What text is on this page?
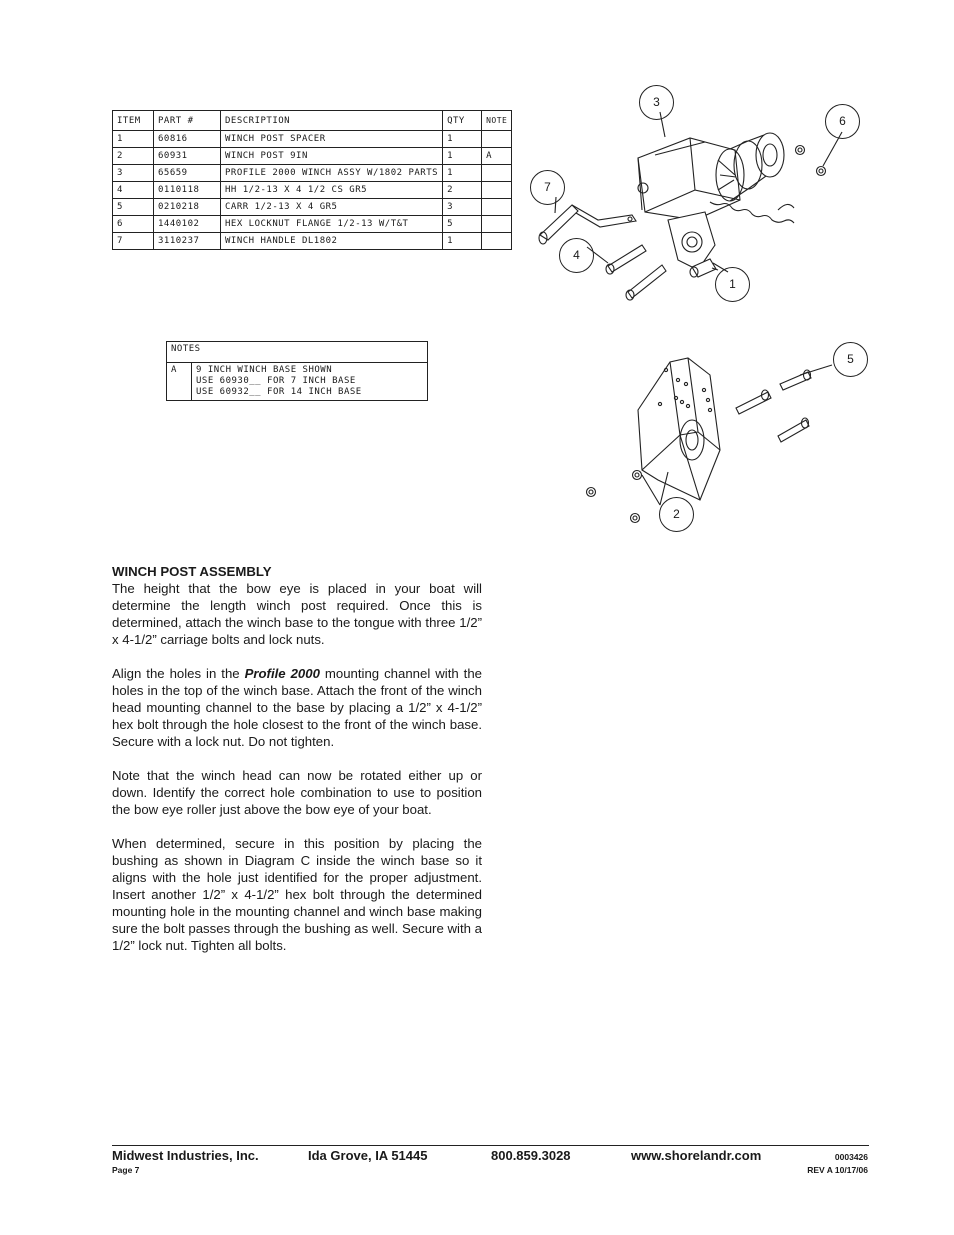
ITEM	PART #	DESCRIPTION	QTY	NOTE
1	60816	WINCH POST SPACER	1	
2	60931	WINCH POST 9IN	1	A
3	65659	PROFILE 2000 WINCH ASSY W/1802 PARTS	1	
4	0110118	HH 1/2-13 X 4 1/2 CS GR5	2	
5	0210218	CARR 1/2-13 X 4 GR5	3	
6	1440102	HEX LOCKNUT FLANGE 1/2-13 W/T&T	5	
7	3110237	WINCH HANDLE DL1802	1	
NOTES
A	9 INCH WINCH BASE SHOWN
USE 60930__ FOR 7 INCH BASE
USE 60932__ FOR 14 INCH BASE
3
6
7
4
1
5
2
WINCH POST ASSEMBLY

The height that the bow eye is placed in your boat will determine the length winch post required. Once this is determined, attach the winch base to the tongue with three 1/2” x 4-1/2” carriage bolts and lock nuts.

Align the holes in the Profile 2000 mounting channel with the holes in the top of the winch base. Attach the front of the winch head mounting channel to the base by placing a 1/2” x 4-1/2” hex bolt through the hole closest to the front of the winch base. Secure with a lock nut. Do not tighten.

Note that the winch head can now be rotated either up or down. Identify the correct hole combination to use to position the bow eye roller just above the bow eye of your boat.

When determined, secure in this position by placing the bushing as shown in Diagram C inside the winch base so it aligns with the hole just identified for the proper adjustment. Insert another 1/2” x 4-1/2” hex bolt through the determined mounting hole in the mounting channel and winch base making sure the bolt passes through the bushing as well. Secure with a 1/2” lock nut. Tighten all bolts.

Midwest Industries, Inc.	Ida Grove, IA 51445	800.859.3028	www.shorelandr.com
Page 7
0003426
REV A 10/17/06
